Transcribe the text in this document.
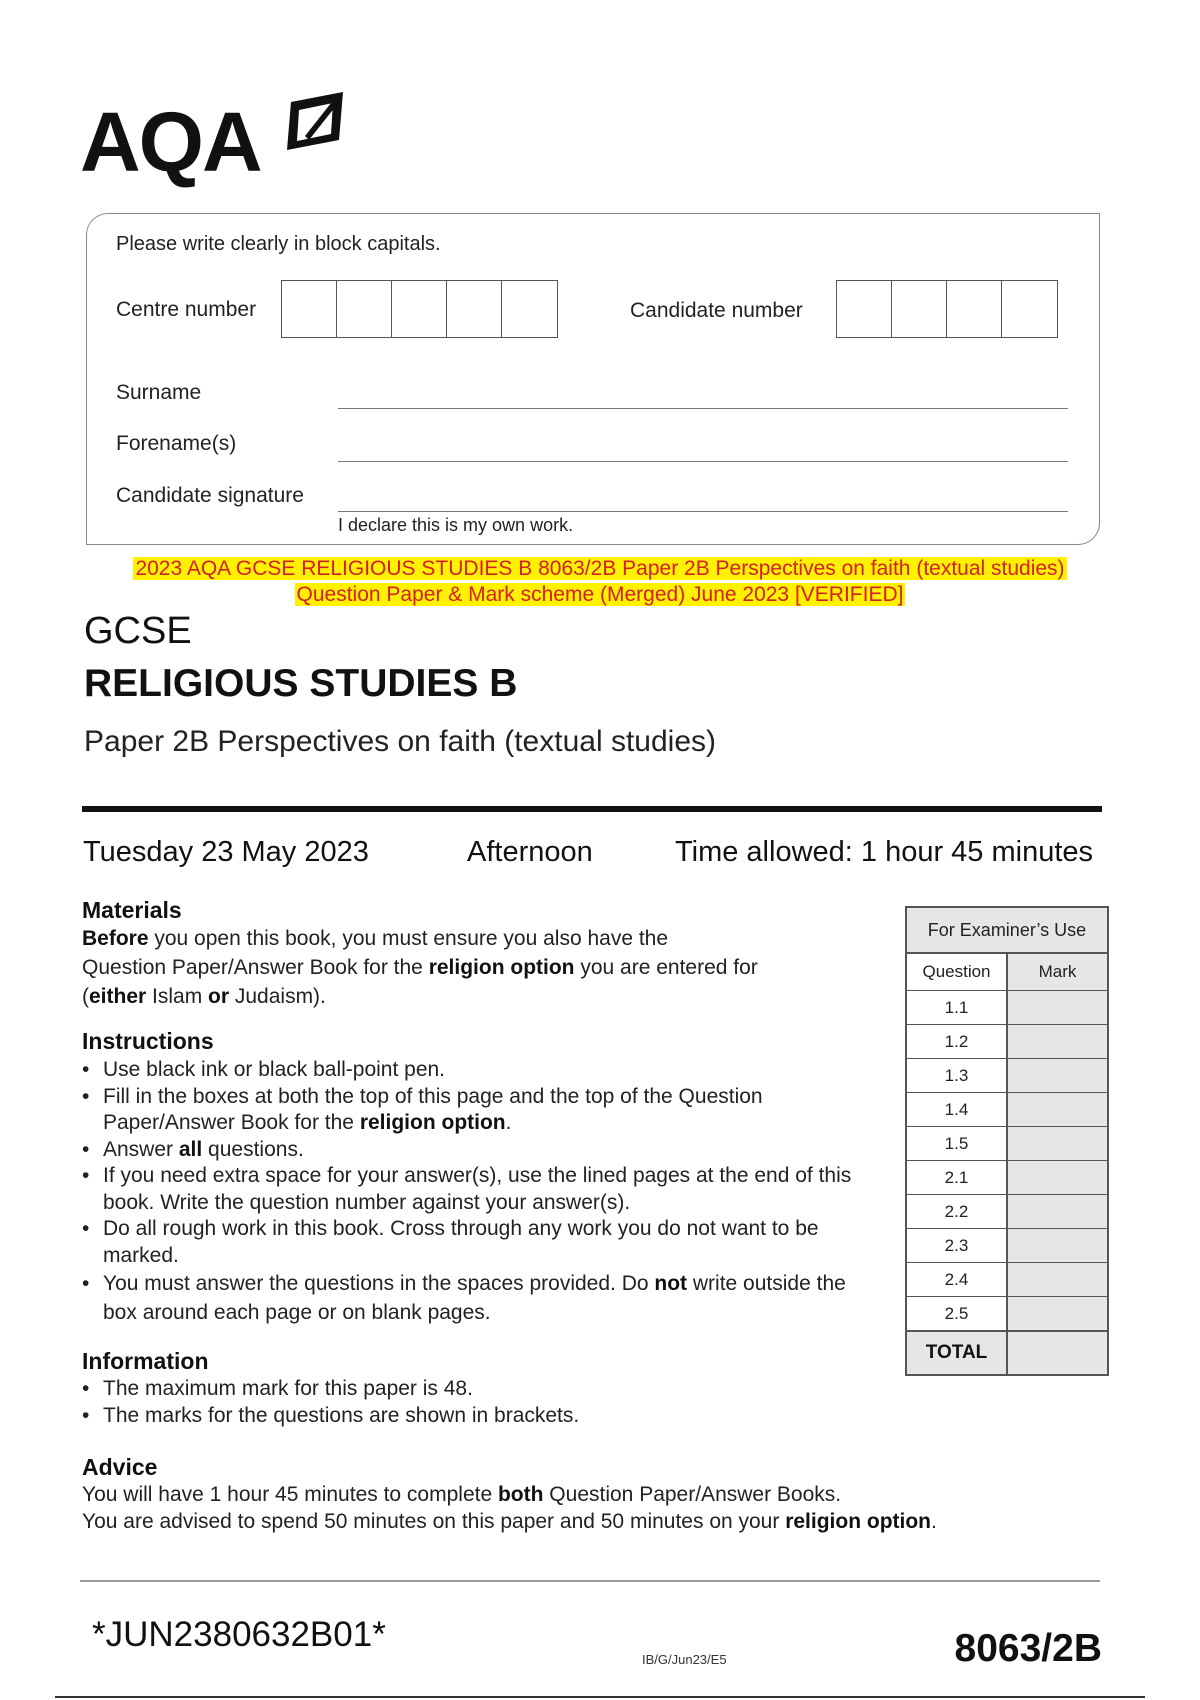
AQA
Please write clearly in block capitals.
Centre number	Candidate number
Surname
Forename(s)
Candidate signature
I declare this is my own work.
2023 AQA GCSE RELIGIOUS STUDIES B 8063/2B Paper 2B Perspectives on faith (textual studies)
Question Paper & Mark scheme (Merged) June 2023 [VERIFIED]
GCSE
RELIGIOUS STUDIES B
Paper 2B Perspectives on faith (textual studies)
Tuesday 23 May 2023	Afternoon	Time allowed: 1 hour 45 minutes
Materials
Before you open this book, you must ensure you also have the
Question Paper/Answer Book for the religion option you are entered for
(either Islam or Judaism).
Instructions
• Use black ink or black ball-point pen.
• Fill in the boxes at both the top of this page and the top of the Question Paper/Answer Book for the religion option.
• Answer all questions.
• If you need extra space for your answer(s), use the lined pages at the end of this book. Write the question number against your answer(s).
• Do all rough work in this book. Cross through any work you do not want to be marked.
• You must answer the questions in the spaces provided. Do not write outside the box around each page or on blank pages.
Information
• The maximum mark for this paper is 48.
• The marks for the questions are shown in brackets.
Advice
You will have 1 hour 45 minutes to complete both Question Paper/Answer Books.
You are advised to spend 50 minutes on this paper and 50 minutes on your religion option.
For Examiner’s Use
Question	Mark
1.1
1.2
1.3
1.4
1.5
2.1
2.2
2.3
2.4
2.5
TOTAL
*JUN2380632B01*
IB/G/Jun23/E5	8063/2B
